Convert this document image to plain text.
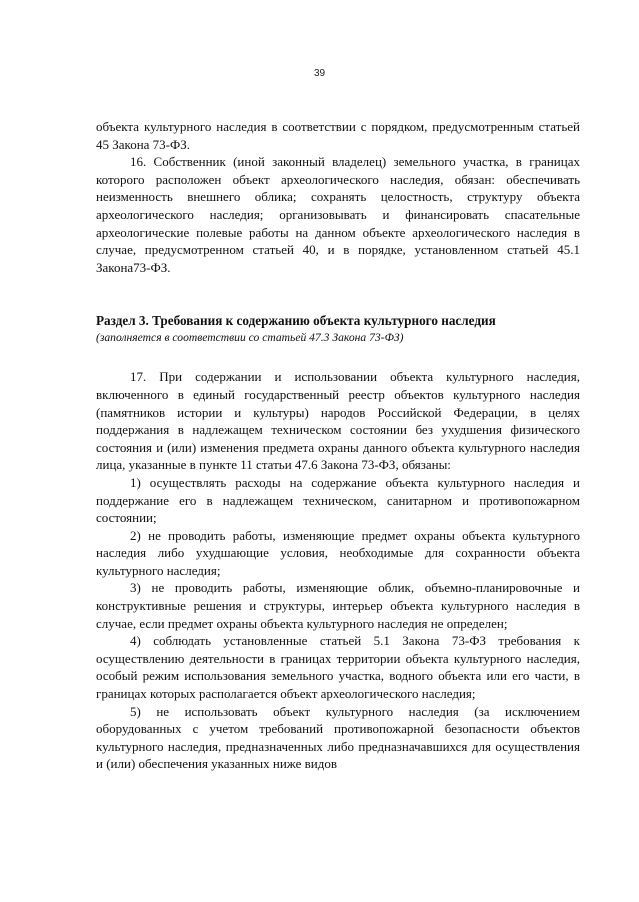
39

объекта культурного наследия в соответствии с порядком, предусмотренным статьей 45 Закона 73-ФЗ.

16. Собственник (иной законный владелец) земельного участка, в границах которого расположен объект археологического наследия, обязан: обеспечивать неизменность внешнего облика; сохранять целостность, структуру объекта археологического наследия; организовывать и финансировать спасательные археологические полевые работы на данном объекте археологического наследия в случае, предусмотренном статьей 40, и в порядке, установленном статьей 45.1 Закона73-ФЗ.

Раздел 3. Требования к содержанию объекта культурного наследия

(заполняется в соответствии со статьей 47.3 Закона 73-ФЗ)

17. При содержании и использовании объекта культурного наследия, включенного в единый государственный реестр объектов культурного наследия (памятников истории и культуры) народов Российской Федерации, в целях поддержания в надлежащем техническом состоянии без ухудшения физического состояния и (или) изменения предмета охраны данного объекта культурного наследия лица, указанные в пункте 11 статьи 47.6 Закона 73-ФЗ, обязаны:

1) осуществлять расходы на содержание объекта культурного наследия и поддержание его в надлежащем техническом, санитарном и противопожарном состоянии;

2) не проводить работы, изменяющие предмет охраны объекта культурного наследия либо ухудшающие условия, необходимые для сохранности объекта культурного наследия;

3) не проводить работы, изменяющие облик, объемно-планировочные и конструктивные решения и структуры, интерьер объекта культурного наследия в случае, если предмет охраны объекта культурного наследия не определен;

4) соблюдать установленные статьей 5.1 Закона 73-ФЗ требования к осуществлению деятельности в границах территории объекта культурного наследия, особый режим использования земельного участка, водного объекта или его части, в границах которых располагается объект археологического наследия;

5) не использовать объект культурного наследия (за исключением оборудованных с учетом требований противопожарной безопасности объектов культурного наследия, предназначенных либо предназначавшихся для осуществления и (или) обеспечения указанных ниже видов
